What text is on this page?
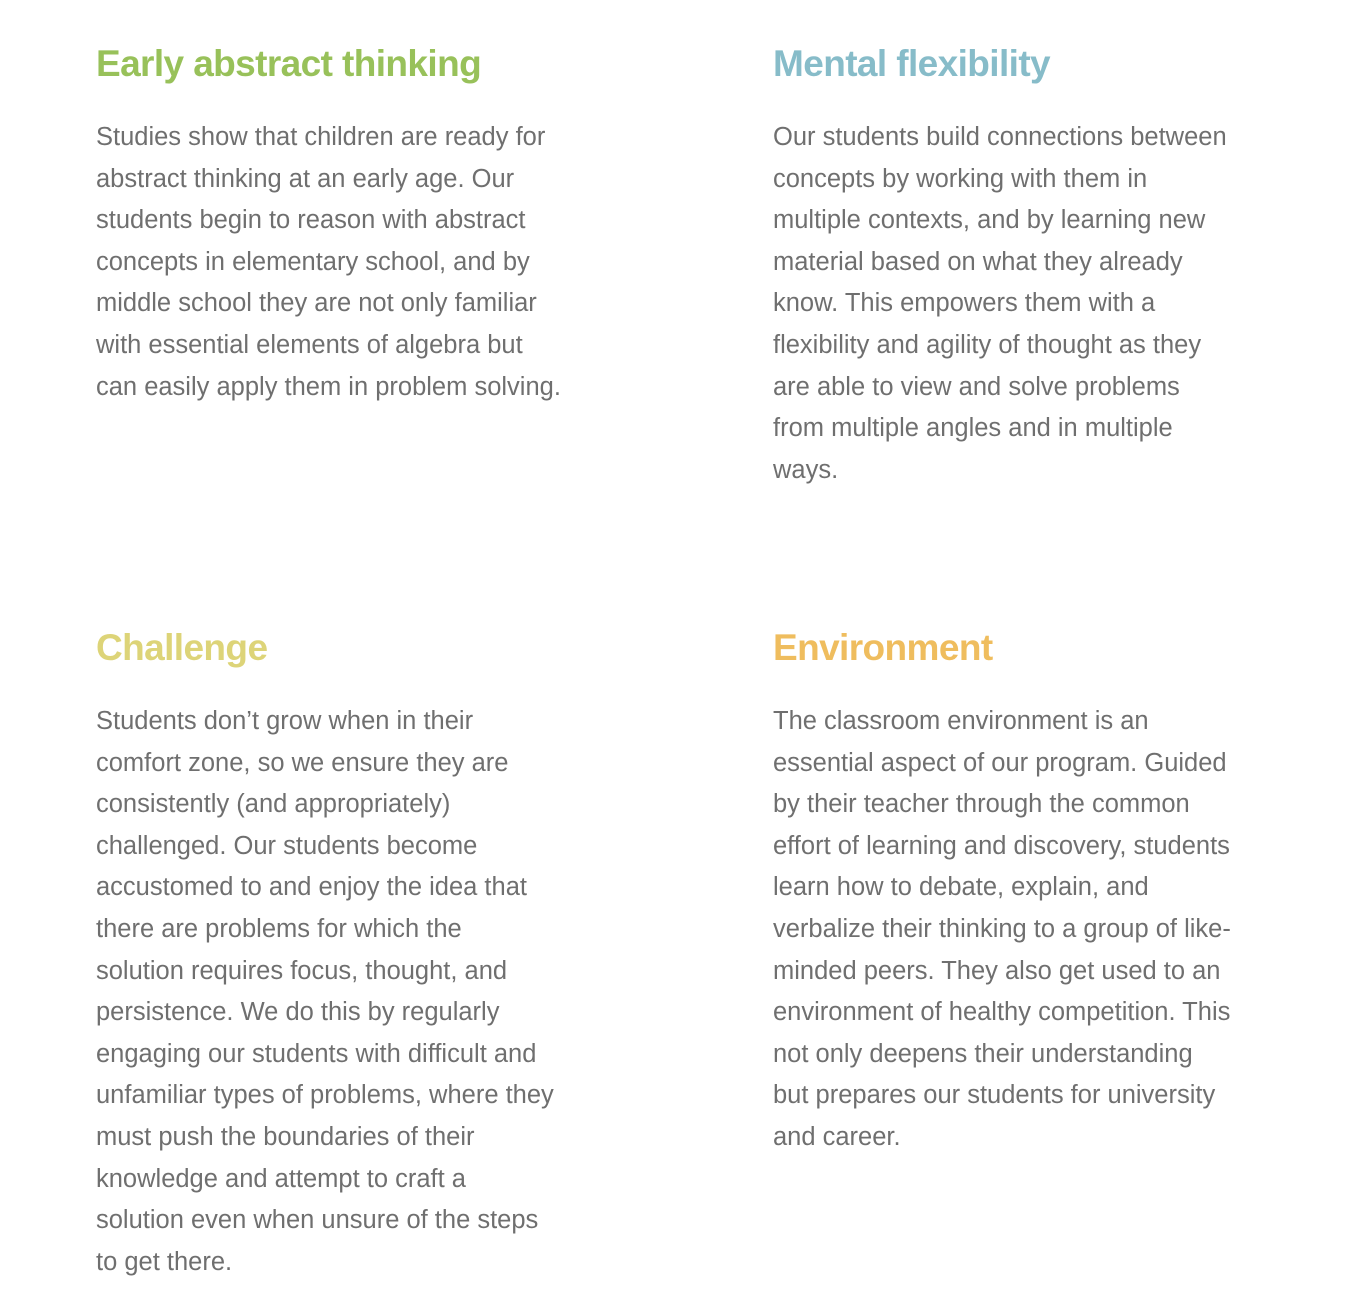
Early abstract thinking

Studies show that children are ready for
abstract thinking at an early age. Our
students begin to reason with abstract
concepts in elementary school, and by
middle school they are not only familiar
with essential elements of algebra but
can easily apply them in problem solving.

Mental flexibility

Our students build connections between
concepts by working with them in
multiple contexts, and by learning new
material based on what they already
know. This empowers them with a
flexibility and agility of thought as they
are able to view and solve problems
from multiple angles and in multiple
ways.

Challenge

Students don’t grow when in their
comfort zone, so we ensure they are
consistently (and appropriately)
challenged. Our students become
accustomed to and enjoy the idea that
there are problems for which the
solution requires focus, thought, and
persistence. We do this by regularly
engaging our students with difficult and
unfamiliar types of problems, where they
must push the boundaries of their
knowledge and attempt to craft a
solution even when unsure of the steps
to get there.

Environment

The classroom environment is an
essential aspect of our program. Guided
by their teacher through the common
effort of learning and discovery, students
learn how to debate, explain, and
verbalize their thinking to a group of like-
minded peers. They also get used to an
environment of healthy competition. This
not only deepens their understanding
but prepares our students for university
and career.
